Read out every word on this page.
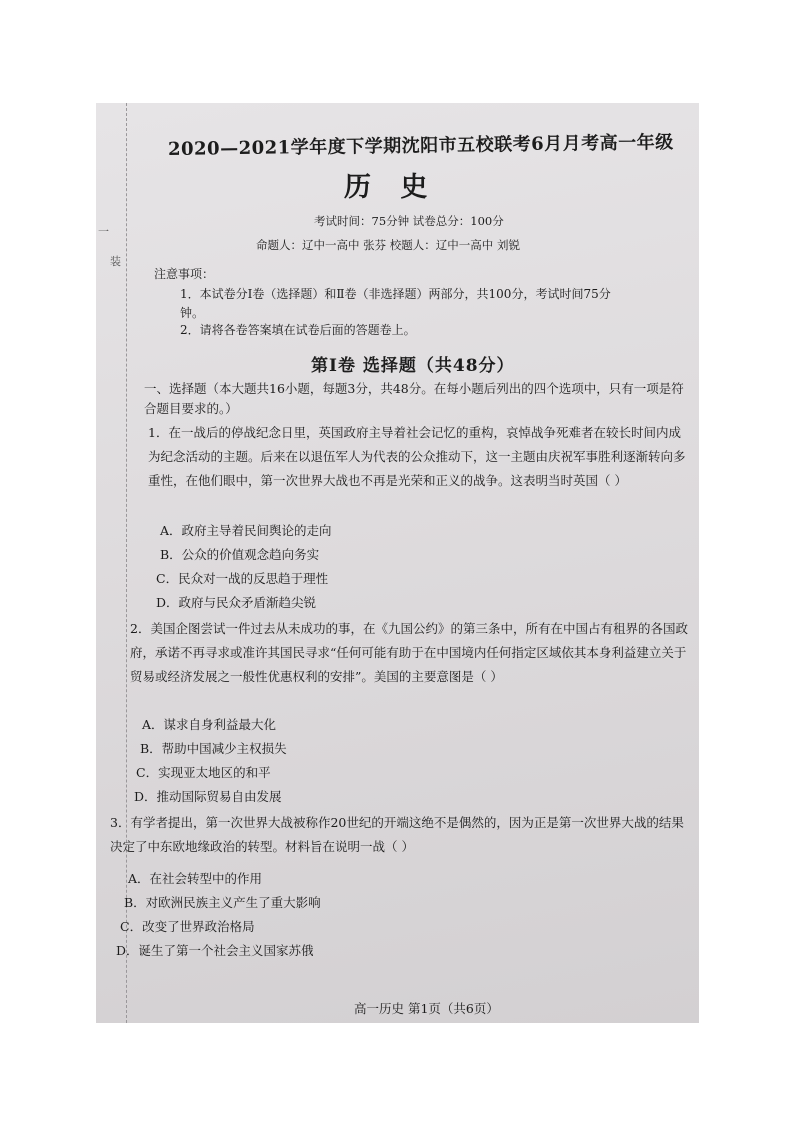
一
装
2020—2021学年度下学期沈阳市五校联考6月月考高一年级
历 史
考试时间：75分钟 试卷总分：100分
命题人：辽中一高中 张芬 校题人：辽中一高中 刘锐
注意事项：
1．本试卷分Ⅰ卷（选择题）和Ⅱ卷（非选择题）两部分，共100分，考试时间75分钟。
2．请将各卷答案填在试卷后面的答题卷上。
第Ⅰ卷 选择题（共48分）
一、选择题（本大题共16小题，每题3分，共48分。在每小题后列出的四个选项中，只有一项是符合题目要求的。）
1．在一战后的停战纪念日里，英国政府主导着社会记忆的重构，哀悼战争死难者在较长时间内成为纪念活动的主题。后来在以退伍军人为代表的公众推动下，这一主题由庆祝军事胜利逐渐转向多重性，在他们眼中，第一次世界大战也不再是光荣和正义的战争。这表明当时英国（ ）
A．政府主导着民间舆论的走向
B．公众的价值观念趋向务实
C．民众对一战的反思趋于理性
D．政府与民众矛盾渐趋尖锐
2．美国企图尝试一件过去从未成功的事，在《九国公约》的第三条中，所有在中国占有租界的各国政府，承诺不再寻求或准许其国民寻求“任何可能有助于在中国境内任何指定区域依其本身利益建立关于贸易或经济发展之一般性优惠权利的安排”。美国的主要意图是（ ）
A．谋求自身利益最大化
B．帮助中国减少主权损失
C．实现亚太地区的和平
D．推动国际贸易自由发展
3．有学者提出，第一次世界大战被称作20世纪的开端这绝不是偶然的，因为正是第一次世界大战的结果决定了中东欧地缘政治的转型。材料旨在说明一战（ ）
A．在社会转型中的作用
B．对欧洲民族主义产生了重大影响
C．改变了世界政治格局
D．诞生了第一个社会主义国家苏俄
高一历史 第1页（共6页）
